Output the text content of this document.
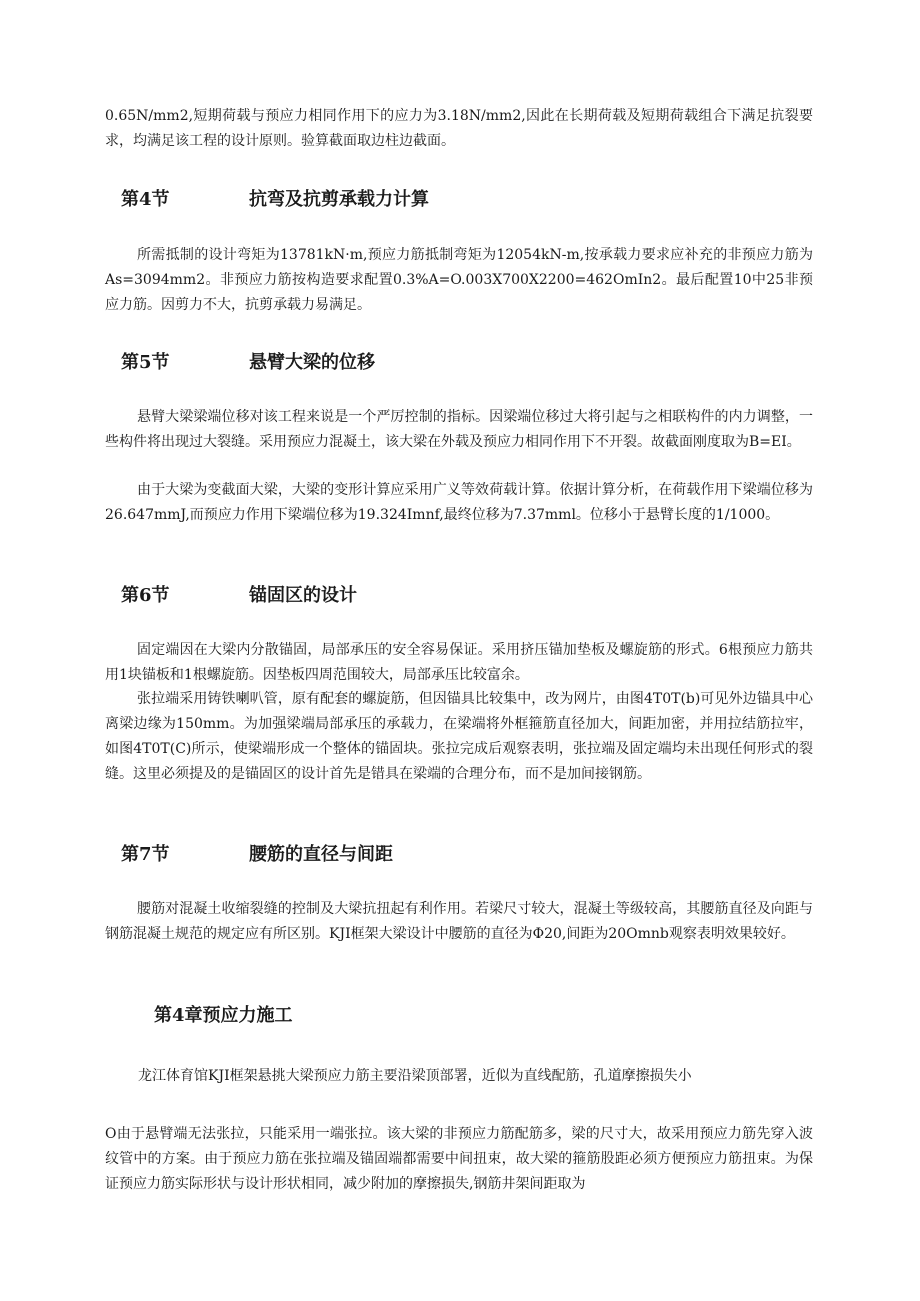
0.65N/mm2,短期荷载与预应力相同作用下的应力为3.18N/mm2,因此在长期荷载及短期荷载组合下满足抗裂要求，均满足该工程的设计原则。验算截面取边柱边截面。

第4节	抗弯及抗剪承载力计算

所需抵制的设计弯矩为13781kN·m,预应力筋抵制弯矩为12054kN-m,按承载力要求应补充的非预应力筋为As=3094mm2。非预应力筋按构造要求配置0.3%A=O.003X700X2200=462OmIn2。最后配置10中25非预应力筋。因剪力不大，抗剪承载力易满足。

第5节	悬臂大梁的位移

悬臂大梁梁端位移对该工程来说是一个严厉控制的指标。因梁端位移过大将引起与之相联构件的内力调整，一些构件将出现过大裂缝。采用预应力混凝土，该大梁在外载及预应力相同作用下不开裂。故截面刚度取为B=EI。

由于大梁为变截面大梁，大梁的变形计算应采用广义等效荷载计算。依据计算分析，在荷载作用下梁端位移为26.647mmJ,而预应力作用下梁端位移为19.324Imnf,最终位移为7.37mml。位移小于悬臂长度的1/1000。

第6节	锚固区的设计

固定端因在大梁内分散锚固，局部承压的安全容易保证。采用挤压锚加垫板及螺旋筋的形式。6根预应力筋共用1块锚板和1根螺旋筋。因垫板四周范围较大，局部承压比较富余。

张拉端采用铸铁喇叭管，原有配套的螺旋筋，但因锚具比较集中，改为网片，由图4T0T(b)可见外边锚具中心离梁边缘为150mm。为加强梁端局部承压的承载力，在梁端将外框箍筋直径加大，间距加密，并用拉结筋拉牢，如图4T0T(C)所示，使梁端形成一个整体的锚固块。张拉完成后观察表明，张拉端及固定端均未出现任何形式的裂缝。这里必须提及的是锚固区的设计首先是错具在梁端的合理分布，而不是加间接钢筋。

第7节	腰筋的直径与间距

腰筋对混凝土收缩裂缝的控制及大梁抗扭起有利作用。若梁尺寸较大，混凝土等级较高，其腰筋直径及向距与钢筋混凝土规范的规定应有所区别。KJI框架大梁设计中腰筋的直径为Φ20,间距为20Omnb观察表明效果较好。

第4章预应力施工

龙江体育馆KJI框架悬挑大梁预应力筋主要沿梁顶部署，近似为直线配筋，孔道摩擦损失小

O由于悬臂端无法张拉，只能采用一端张拉。该大梁的非预应力筋配筋多，梁的尺寸大，故采用预应力筋先穿入波纹管中的方案。由于预应力筋在张拉端及锚固端都需要中间扭束，故大梁的箍筋股距必须方便预应力筋扭束。为保证预应力筋实际形状与设计形状相同，减少附加的摩擦损失,钢筋井架间距取为
